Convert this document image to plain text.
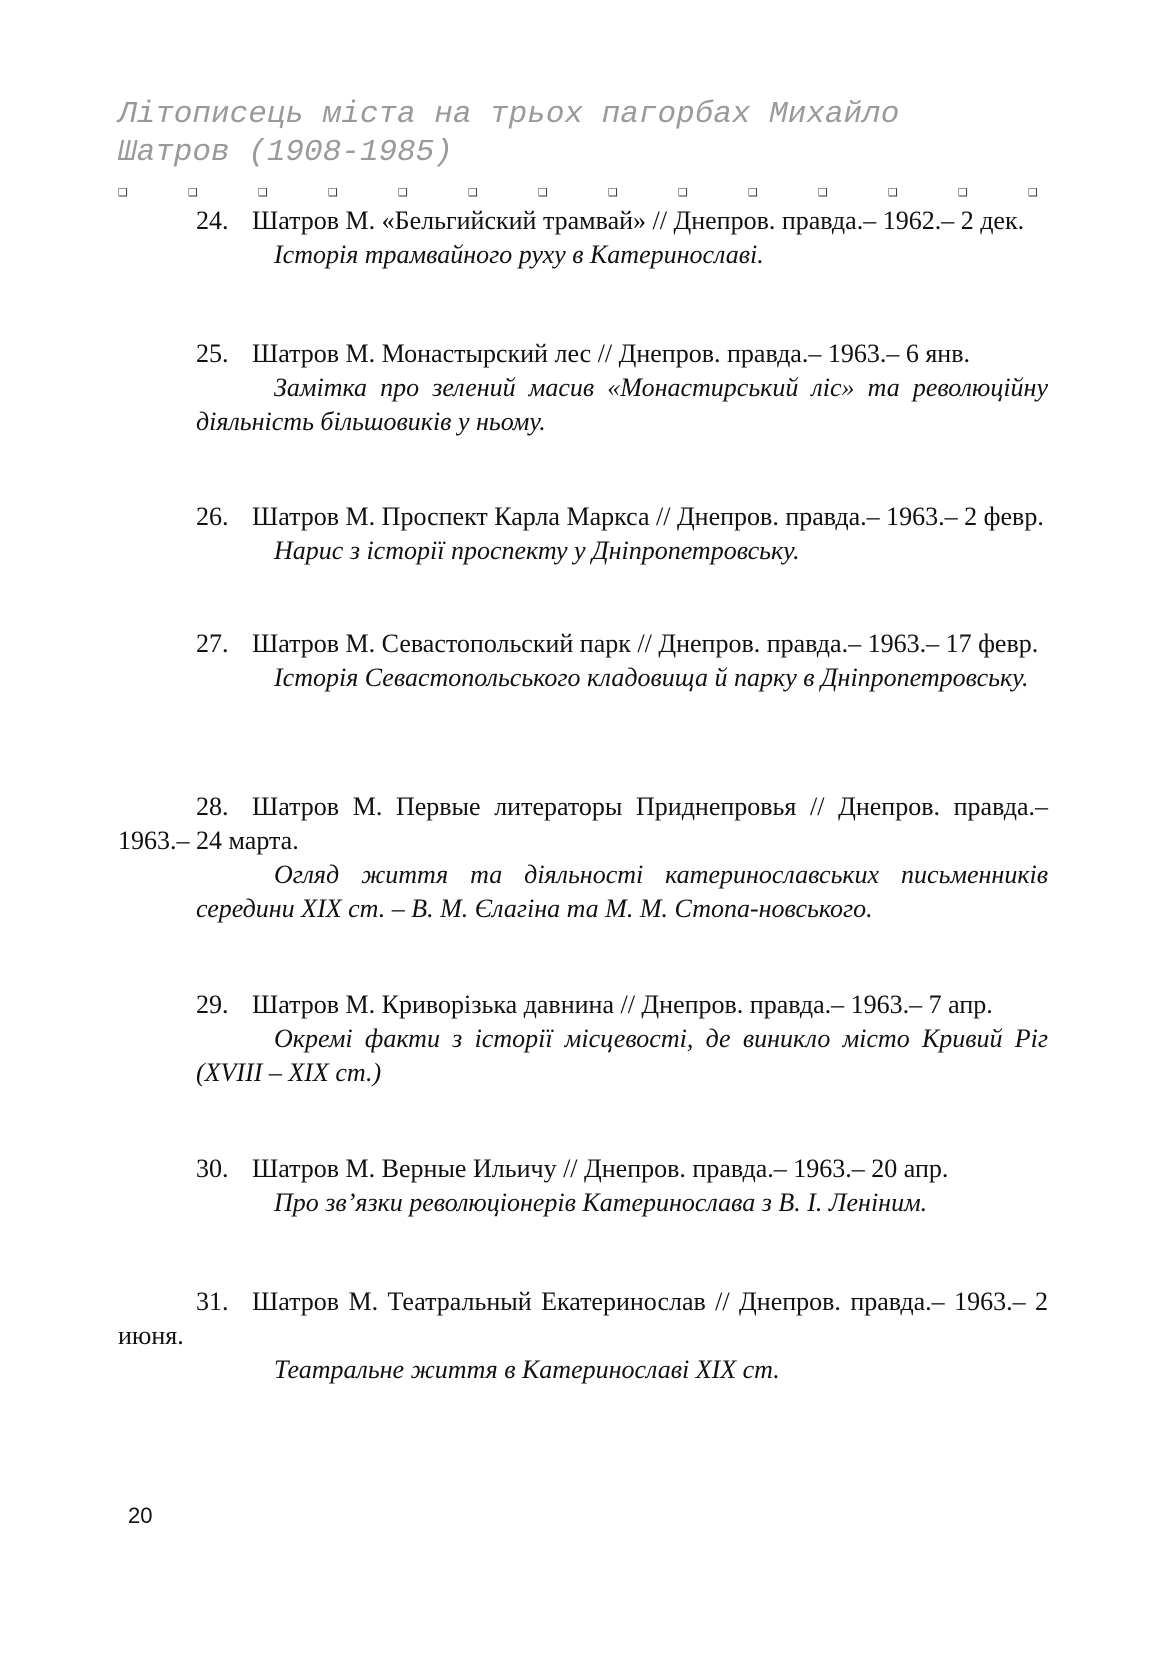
Літописець міста на трьох пагорбах Михайло Шатров (1908-1985)

❑	❑	❑	❑	❑	❑	❑	❑	❑	❑	❑	❑	❑	❑

24. Шатров М. «Бельгийский трамвай» // Днепров. правда.– 1962.– 2 дек.

Історія трамвайного руху в Катеринославі.

25. Шатров М. Монастырский лес // Днепров. правда.– 1963.– 6 янв.

Замітка про зелений масив «Монастирський ліс» та революційну діяльність більшовиків у ньому.

26. Шатров М. Проспект Карла Маркса // Днепров. правда.– 1963.– 2 февр.

Нарис з історії проспекту у Дніпропетровську.

27. Шатров М. Севастопольский парк // Днепров. правда.– 1963.– 17 февр.

Історія Севастопольського кладовища й парку в Дніпропетровську.

28. Шатров М. Первые литераторы Приднепровья // Днепров. правда.– 1963.– 24 марта.

Огляд життя та діяльності катеринославських письменників середини XIX ст. – В. М. Єлагіна та М. М. Стопа-новського.

29. Шатров М. Криворізька давнина // Днепров. правда.– 1963.– 7 апр.

Окремі факти з історії місцевості, де виникло місто Кривий Ріг (XVIII – XIX ст.)

30. Шатров М. Верные Ильичу // Днепров. правда.– 1963.– 20 апр.

Про зв’язки революціонерів Катеринослава з В. І. Леніним.

31. Шатров М. Театральный Екатеринослав // Днепров. правда.– 1963.– 2 июня.

Театральне життя в Катеринославі XIX ст.

20
